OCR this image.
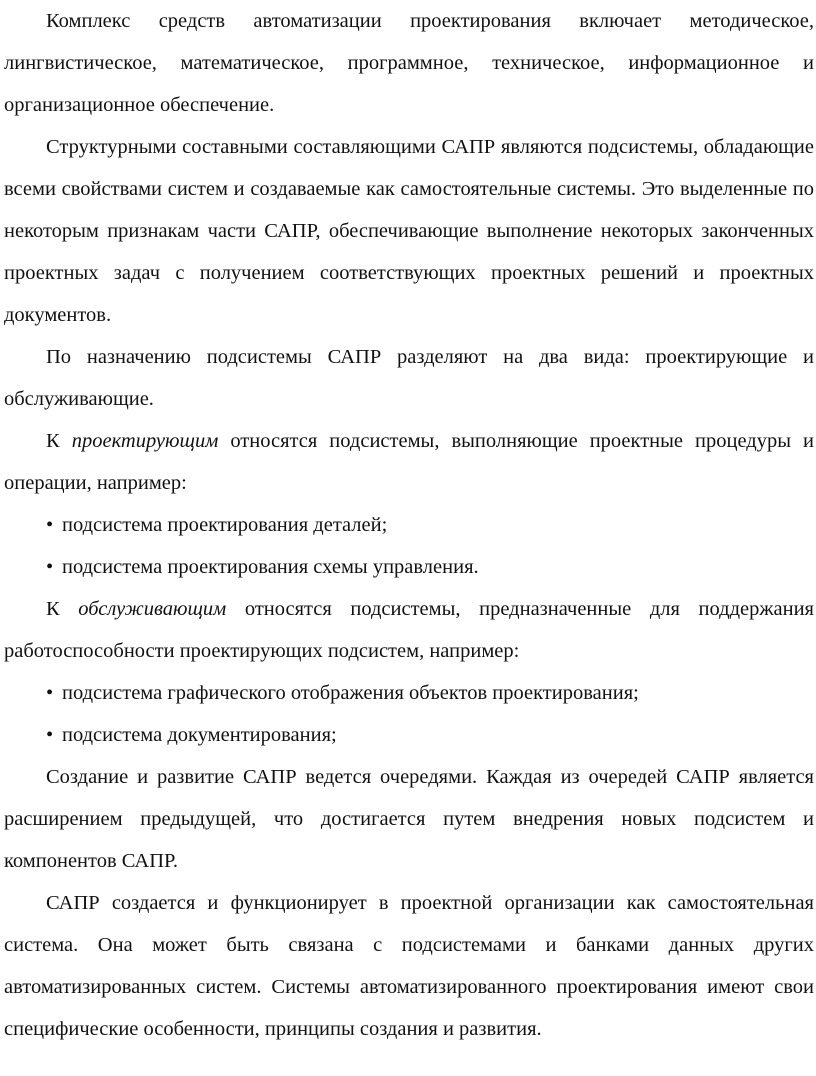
Комплекс средств автоматизации проектирования включает методическое, лингвистическое, математическое, программное, техническое, информационное и организационное обеспечение.

Структурными составными составляющими САПР являются подсистемы, обладающие всеми свойствами систем и создаваемые как самостоятельные системы. Это выделенные по некоторым признакам части САПР, обеспечивающие выполнение некоторых законченных проектных задач с получением соответствующих проектных решений и проектных документов.

По назначению подсистемы САПР разделяют на два вида: проектирующие и обслуживающие.

К проектирующим относятся подсистемы, выполняющие проектные процедуры и операции, например:

• подсистема проектирования деталей;

• подсистема проектирования схемы управления.

К обслуживающим относятся подсистемы, предназначенные для поддержания работоспособности проектирующих подсистем, например:

• подсистема графического отображения объектов проектирования;

• подсистема документирования;

Создание и развитие САПР ведется очередями. Каждая из очередей САПР является расширением предыдущей, что достигается путем внедрения новых подсистем и компонентов САПР.

САПР создается и функционирует в проектной организации как самостоятельная система. Она может быть связана с подсистемами и банками данных других автоматизированных систем. Системы автоматизированного проектирования имеют свои специфические особенности, принципы создания и развития.
